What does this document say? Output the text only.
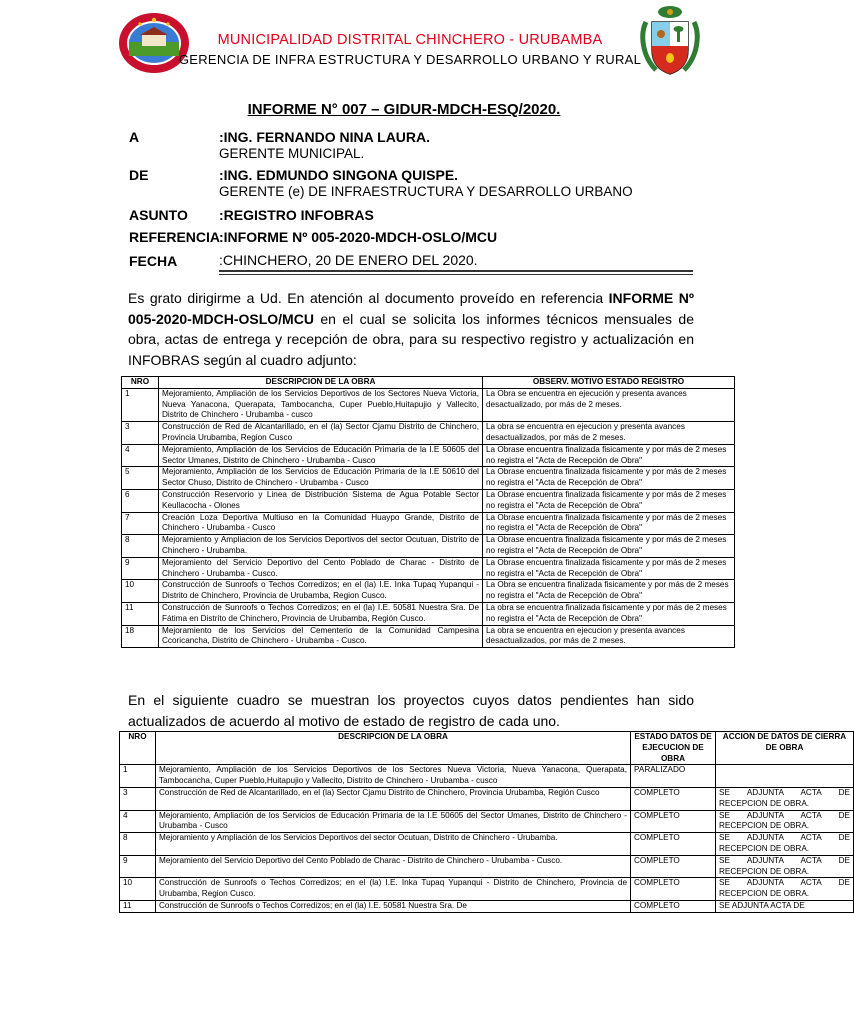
MUNICIPALIDAD DISTRITAL CHINCHERO - URUBAMBA
GERENCIA DE INFRA ESTRUCTURA Y DESARROLLO URBANO Y RURAL
INFORME N° 007 – GIDUR-MDCH-ESQ/2020.
A	:ING. FERNANDO NINA LAURA.
GERENTE MUNICIPAL.
DE	:ING. EDMUNDO SINGONA QUISPE.
GERENTE (e) DE INFRAESTRUCTURA Y DESARROLLO URBANO
ASUNTO :REGISTRO INFOBRAS
REFERENCIA
:INFORME Nº 005-2020-MDCH-OSLO/MCU
FECHA	:CHINCHERO, 20 DE ENERO DEL 2020.
Es grato dirigirme a Ud. En atención al documento proveído en referencia INFORME Nº 005-2020-MDCH-OSLO/MCU en el cual se solicita los informes técnicos mensuales de obra, actas de entrega y recepción de obra, para su respectivo registro y actualización en INFOBRAS según al cuadro adjunto:
NRO	DESCRIPCION DE LA OBRA	OBSERV. MOTIVO ESTADO REGISTRO
1	Mejoramiento, Ampliación de los Servicios Deportivos de los Sectores Nueva Victoria, Nueva Yanacona, Querapata, Tambocancha, Cuper Pueblo,Huitapujio y Vallecito, Distrito de Chinchero - Urubamba - cusco	La Obra se encuentra en ejecución y presenta avances desactualizado, por más de 2 meses.
3	Construcción de Red de Alcantarillado, en el (la) Sector Cjamu Distrito de Chinchero, Provincia Urubamba, Region Cusco	La obra se encuentra en ejecucion y presenta avances desactualizados, por más de 2 meses.
4	Mejoramiento, Ampliación de los Servicios de Educación Primaria de la I.E 50605 del Sector Umanes, Distrito de Chinchero - Urubamba - Cusco	La Obrase encuentra finalizada fisicamente y por más de 2 meses no registra el "Acta de Recepción de Obra"
5	Mejoramiento, Ampliación de los Servicios de Educación Primaria de la I.E 50610 del Sector Chuso, Distrito de Chinchero - Urubamba - Cusco	La Obrase encuentra finalizada fisicamente y por más de 2 meses no registra el "Acta de Recepción de Obra"
6	Construcción Reservorio y Linea de Distribución Sistema de Agua Potable Sector Keullacocha - Olones	La Obrase encuentra finalizada fisicamente y por más de 2 meses no registra el "Acta de Recepción de Obra"
7	Creación Loza Deportiva Multiuso en la Comunidad Huaypo Grande, Distrito de Chinchero - Urubamba - Cusco	La Obrase encuentra finalizada fisicamente y por más de 2 meses no registra el "Acta de Recepción de Obra"
8	Mejoramiento y Ampliacion de los Servicios Deportivos del sector Ocutuan, Distrito de Chinchero - Urubamba.	La Obrase encuentra finalizada fisicamente y por más de 2 meses no registra el "Acta de Recepción de Obra"
9	Mejoramiento del Servicio Deportivo del Cento Poblado de Charac - Distrito de Chinchero - Urubamba - Cusco.	La Obrase encuentra finalizada fisicamente y por más de 2 meses no registra el "Acta de Recepción de Obra"
10	Construcción de Sunroofs o Techos Corredizos; en el (la) I.E. Inka Tupaq Yupanqui - Distrito de Chinchero, Provincia de Urubamba, Region Cusco.	La Obra se encuentra finalizada fisicamente y por más de 2 meses no registra el "Acta de Recepción de Obra"
11	Construcción de Sunroofs o Techos Corredizos; en el (la) I.E. 50581 Nuestra Sra. De Fátima en Distrito de Chinchero, Provincia de Urubamba, Región Cusco.	La obra se encuentra finalizada fisicamente y por más de 2 meses no registra el "Acta de Recepción de Obra"
18	Mejoramiento de los Servicios del Cementerio de la Comunidad Campesina Ccoricancha, Distrito de Chinchero - Urubamba - Cusco.	La obra se encuentra en ejecucion y presenta avances desactualizados, por más de 2 meses.
En el siguiente cuadro se muestran los proyectos cuyos datos pendientes han sido actualizados de acuerdo al motivo de estado de registro de cada uno.
NRO	DESCRIPCION DE LA OBRA	ESTADO DATOS DE EJECUCION DE OBRA	ACCION DE DATOS DE CIERRA DE OBRA
1	Mejoramiento, Ampliación de los Servicios Deportivos de los Sectores Nueva Victoria, Nueva Yanacona, Querapata, Tambocancha, Cuper Pueblo,Huitapujio y Vallecito, Distrito de Chinchero - Urubamba - cusco	PARALIZADO	
3	Construcción de Red de Alcantarillado, en el (la) Sector Cjamu Distrito de Chinchero, Provincia Urubamba, Región Cusco	COMPLETO	SE ADJUNTA ACTA DE RECEPCION DE OBRA.
4	Mejoramiento, Ampliación de los Servicios de Educación Primaria de la I.E 50605 del Sector Umanes, Distrito de Chinchero - Urubamba - Cusco	COMPLETO	SE ADJUNTA ACTA DE RECEPCION DE OBRA.
8	Mejoramiento y Ampliación de los Servicios Deportivos del sector Ocutuan, Distrito de Chinchero - Urubamba.	COMPLETO	SE ADJUNTA ACTA DE RECEPCION DE OBRA.
9	Mejoramiento del Servicio Deportivo del Cento Poblado de Charac - Distrito de Chinchero - Urubamba - Cusco.	COMPLETO	SE ADJUNTA ACTA DE RECEPCION DE OBRA.
10	Construcción de Sunroofs o Techos Corredizos; en el (la) I.E. Inka Tupaq Yupanqui - Distrito de Chinchero, Provincia de Urubamba, Region Cusco.	COMPLETO	SE ADJUNTA ACTA DE RECEPCION DE OBRA.
11	Construcción de Sunroofs o Techos Corredizos; en el (la) I.E. 50581 Nuestra Sra. De	COMPLETO	SE ADJUNTA ACTA DE
